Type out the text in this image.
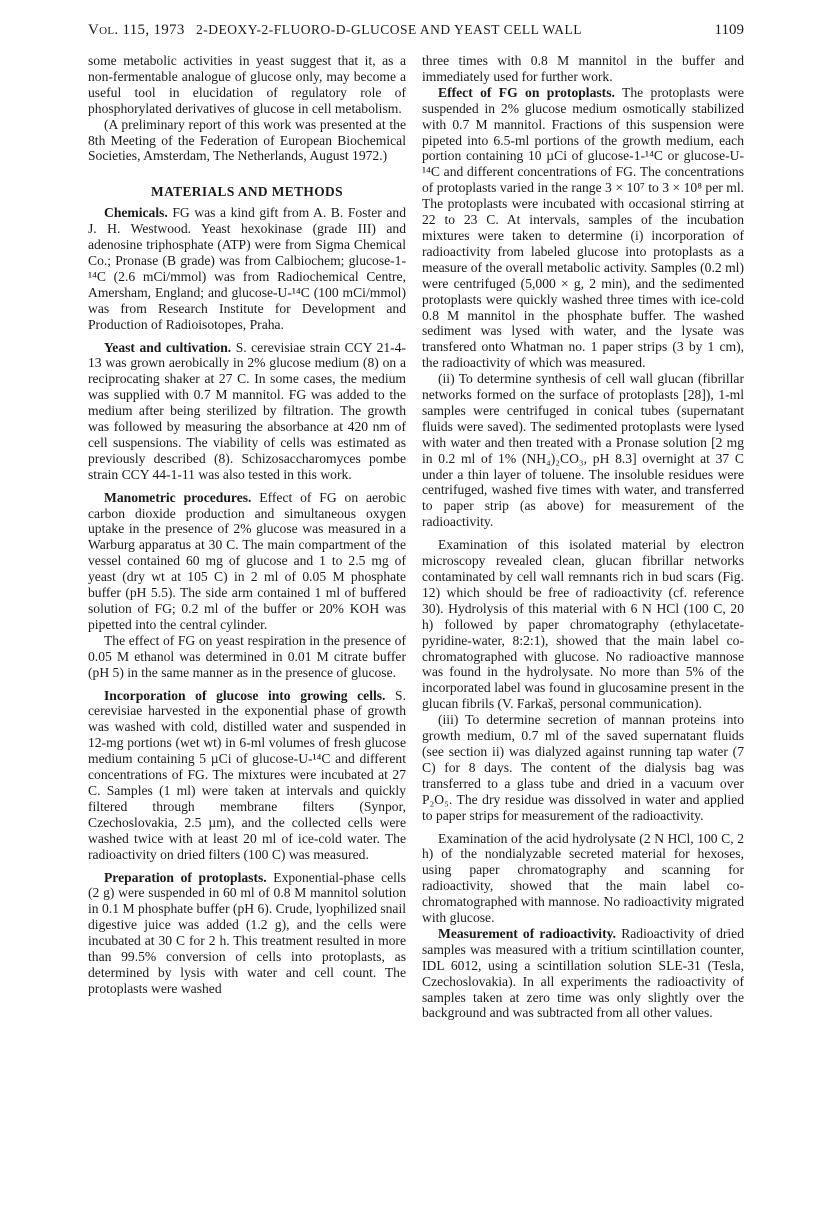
Vol. 115, 1973 2-DEOXY-2-FLUORO-D-GLUCOSE AND YEAST CELL WALL	1109

some metabolic activities in yeast suggest that it, as a non-fermentable analogue of glucose only, may become a useful tool in elucidation of regulatory role of phosphorylated derivatives of glucose in cell metabolism.

(A preliminary report of this work was presented at the 8th Meeting of the Federation of European Biochemical Societies, Amsterdam, The Netherlands, August 1972.)

MATERIALS AND METHODS

Chemicals. FG was a kind gift from A. B. Foster and J. H. Westwood. Yeast hexokinase (grade III) and adenosine triphosphate (ATP) were from Sigma Chemical Co.; Pronase (B grade) was from Calbiochem; glucose-1-¹⁴C (2.6 mCi/mmol) was from Radiochemical Centre, Amersham, England; and glucose-U-¹⁴C (100 mCi/mmol) was from Research Institute for Development and Production of Radioisotopes, Praha.

Yeast and cultivation. S. cerevisiae strain CCY 21-4-13 was grown aerobically in 2% glucose medium (8) on a reciprocating shaker at 27 C. In some cases, the medium was supplied with 0.7 M mannitol. FG was added to the medium after being sterilized by filtration. The growth was followed by measuring the absorbance at 420 nm of cell suspensions. The viability of cells was estimated as previously described (8). Schizosaccharomyces pombe strain CCY 44-1-11 was also tested in this work.

Manometric procedures. Effect of FG on aerobic carbon dioxide production and simultaneous oxygen uptake in the presence of 2% glucose was measured in a Warburg apparatus at 30 C. The main compartment of the vessel contained 60 mg of glucose and 1 to 2.5 mg of yeast (dry wt at 105 C) in 2 ml of 0.05 M phosphate buffer (pH 5.5). The side arm contained 1 ml of buffered solution of FG; 0.2 ml of the buffer or 20% KOH was pipetted into the central cylinder.

The effect of FG on yeast respiration in the presence of 0.05 M ethanol was determined in 0.01 M citrate buffer (pH 5) in the same manner as in the presence of glucose.

Incorporation of glucose into growing cells. S. cerevisiae harvested in the exponential phase of growth was washed with cold, distilled water and suspended in 12-mg portions (wet wt) in 6-ml volumes of fresh glucose medium containing 5 µCi of glucose-U-¹⁴C and different concentrations of FG. The mixtures were incubated at 27 C. Samples (1 ml) were taken at intervals and quickly filtered through membrane filters (Synpor, Czechoslovakia, 2.5 µm), and the collected cells were washed twice with at least 20 ml of ice-cold water. The radioactivity on dried filters (100 C) was measured.

Preparation of protoplasts. Exponential-phase cells (2 g) were suspended in 60 ml of 0.8 M mannitol solution in 0.1 M phosphate buffer (pH 6). Crude, lyophilized snail digestive juice was added (1.2 g), and the cells were incubated at 30 C for 2 h. This treatment resulted in more than 99.5% conversion of cells into protoplasts, as determined by lysis with water and cell count. The protoplasts were washed

three times with 0.8 M mannitol in the buffer and immediately used for further work.

Effect of FG on protoplasts. The protoplasts were suspended in 2% glucose medium osmotically stabilized with 0.7 M mannitol. Fractions of this suspension were pipeted into 6.5-ml portions of the growth medium, each portion containing 10 µCi of glucose-1-¹⁴C or glucose-U-¹⁴C and different concentrations of FG. The concentrations of protoplasts varied in the range 3 × 10⁷ to 3 × 10⁸ per ml. The protoplasts were incubated with occasional stirring at 22 to 23 C. At intervals, samples of the incubation mixtures were taken to determine (i) incorporation of radioactivity from labeled glucose into protoplasts as a measure of the overall metabolic activity. Samples (0.2 ml) were centrifuged (5,000 × g, 2 min), and the sedimented protoplasts were quickly washed three times with ice-cold 0.8 M mannitol in the phosphate buffer. The washed sediment was lysed with water, and the lysate was transfered onto Whatman no. 1 paper strips (3 by 1 cm), the radioactivity of which was measured.

(ii) To determine synthesis of cell wall glucan (fibrillar networks formed on the surface of protoplasts [28]), 1-ml samples were centrifuged in conical tubes (supernatant fluids were saved). The sedimented protoplasts were lysed with water and then treated with a Pronase solution [2 mg in 0.2 ml of 1% (NH₄)₂CO₃, pH 8.3] overnight at 37 C under a thin layer of toluene. The insoluble residues were centrifuged, washed five times with water, and transferred to paper strip (as above) for measurement of the radioactivity.

Examination of this isolated material by electron microscopy revealed clean, glucan fibrillar networks contaminated by cell wall remnants rich in bud scars (Fig. 12) which should be free of radioactivity (cf. reference 30). Hydrolysis of this material with 6 N HCl (100 C, 20 h) followed by paper chromatography (ethylacetate-pyridine-water, 8:2:1), showed that the main label co-chromatographed with glucose. No radioactive mannose was found in the hydrolysate. No more than 5% of the incorporated label was found in glucosamine present in the glucan fibrils (V. Farkaš, personal communication).

(iii) To determine secretion of mannan proteins into growth medium, 0.7 ml of the saved supernatant fluids (see section ii) was dialyzed against running tap water (7 C) for 8 days. The content of the dialysis bag was transferred to a glass tube and dried in a vacuum over P₂O₅. The dry residue was dissolved in water and applied to paper strips for measurement of the radioactivity.

Examination of the acid hydrolysate (2 N HCl, 100 C, 2 h) of the nondialyzable secreted material for hexoses, using paper chromatography and scanning for radioactivity, showed that the main label co-chromatographed with mannose. No radioactivity migrated with glucose.

Measurement of radioactivity. Radioactivity of dried samples was measured with a tritium scintillation counter, IDL 6012, using a scintillation solution SLE-31 (Tesla, Czechoslovakia). In all experiments the radioactivity of samples taken at zero time was only slightly over the background and was subtracted from all other values.
